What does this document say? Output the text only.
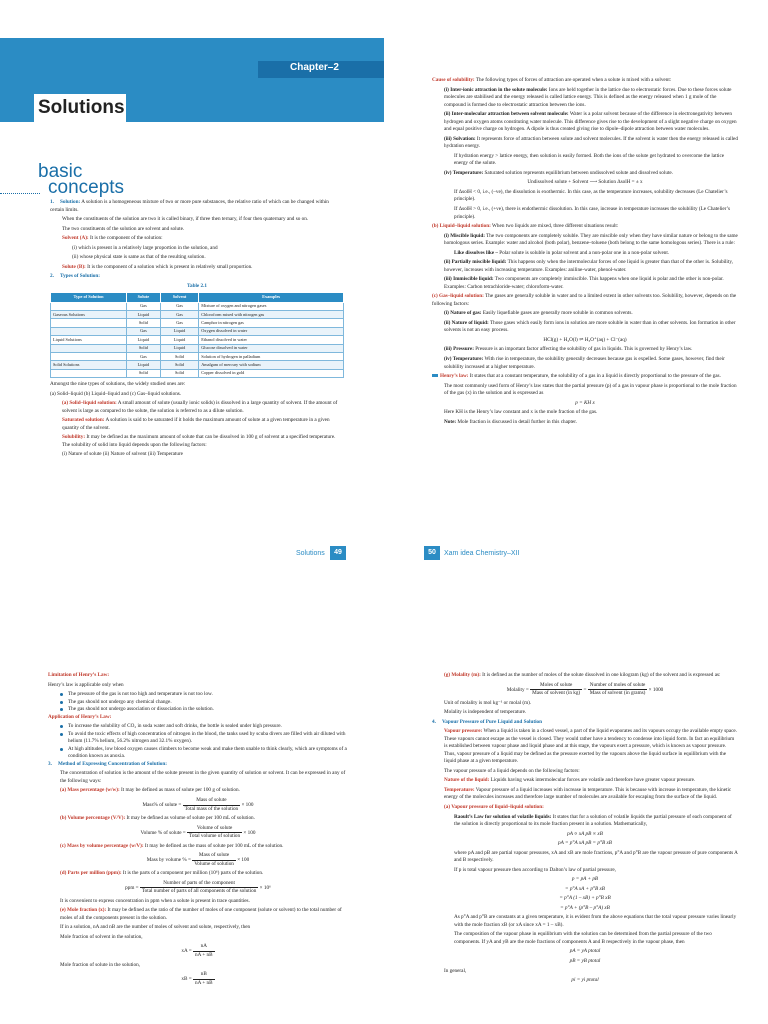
Chapter–2
Solutions
basic
concepts

1. Solution: A solution is a homogeneous mixture of two or more pure substances, the relative ratio of which can be changed within certain limits.

When the constituents of the solution are two it is called binary, if three then ternary, if four then quaternary and so on.

The two constituents of the solution are solvent and solute.

Solvent (A): It is the component of the solution:

(i) which is present in a relatively large proportion in the solution, and

(ii) whose physical state is same as that of the resulting solution.

Solute (B): It is the component of a solution which is present in relatively small proportion.

2. Types of Solution:

Table 2.1
Type of Solution	Solute	Solvent	Examples
	Gas	Gas	Mixture of oxygen and nitrogen gases
Gaseous Solutions	Liquid	Gas	Chloroform mixed with nitrogen gas
	Solid	Gas	Camphor in nitrogen gas
	Gas	Liquid	Oxygen dissolved in water
Liquid Solutions	Liquid	Liquid	Ethanol dissolved in water
	Solid	Liquid	Glucose dissolved in water
	Gas	Solid	Solution of hydrogen in palladium
Solid Solutions	Liquid	Solid	Amalgam of mercury with sodium
	Solid	Solid	Copper dissolved in gold

Amongst the nine types of solutions, the widely studied ones are:

(a) Solid–liquid (b) Liquid–liquid and (c) Gas–liquid solutions.

(a) Solid–liquid solution: A small amount of solute (usually ionic solids) is dissolved in a large quantity of solvent. If the amount of solvent is large as compared to the solute, the solution is referred to as a dilute solution.

Saturated solution: A solution is said to be saturated if it holds the maximum amount of solute at a given temperature in a given quantity of the solvent.

Solubility: It may be defined as the maximum amount of solute that can be dissolved in 100 g of solvent at a specified temperature. The solubility of solid into liquid depends upon the following factors:

(i) Nature of solute (ii) Nature of solvent (iii) Temperature

Solutions	49

Cause of solubility: The following types of forces of attraction are operated when a solute is mixed with a solvent:

(i) Inter-ionic attraction in the solute molecule: Ions are held together in the lattice due to electrostatic forces. Due to these forces solute molecules are stabilised and the energy released is called lattice energy. This is defined as the energy released when 1 g mole of the compound is formed due to electrostatic attraction between the ions.

(ii) Inter-molecular attraction between solvent molecule: Water is a polar solvent because of the difference in electronegativity between hydrogen and oxygen atoms constituting water molecule. This difference gives rise to the development of a slight negative charge on oxygen and equal positive charge on hydrogen. A dipole is thus created giving rise to dipole–dipole attraction between water molecules.

(iii) Solvation: It represents force of attraction between solute and solvent molecules. If the solvent is water then the energy released is called hydration energy.

If hydration energy > lattice energy, then solution is easily formed. Both the ions of the solute get hydrated to overcome the lattice energy of the solute.

(iv) Temperature: Saturated solution represents equilibrium between undissolved solute and dissolved solute.

Undissolved solute + Solvent ⟶ Solution ΔsolH = ± x

If ΔsolH < 0, i.e., (–ve), the dissolution is exothermic. In this case, as the temperature increases, solubility decreases (Le Chatelier’s principle).

If ΔsolH > 0, i.e., (+ve), there is endothermic dissolution. In this case, increase in temperature increases the solubility (Le Chatelier’s principle).

(b) Liquid–liquid solution: When two liquids are mixed, three different situations result:

(i) Miscible liquid: The two components are completely soluble. They are miscible only when they have similar nature or belong to the same homologous series. Example: water and alcohol (both polar), benzene–toluene (both belong to the same homologous series). There is a rule:

Like dissolves like – Polar solute is soluble in polar solvent and a non-polar one in a non-polar solvent.

(ii) Partially miscible liquid: This happens only when the intermolecular forces of one liquid is greater than that of the other is. Solubility, however, increases with increasing temperature. Examples: aniline-water, phenol-water.

(iii) Immiscible liquid: Two components are completely immiscible. This happens when one liquid is polar and the other is non-polar. Examples: Carbon tetrachloride-water; chloroform-water.

(c) Gas–liquid solution: The gases are generally soluble in water and to a limited extent in other solvents too. Solubility, however, depends on the following factors:

(i) Nature of gas: Easily liquefiable gases are generally more soluble in common solvents.

(ii) Nature of liquid: Those gases which easily form ions in solution are more soluble in water than in other solvents. Ion formation in other solvents is not an easy process.

HCl(g) + H₂O(l) ⇌ H₃O⁺(aq) + Cl⁻(aq)

(iii) Pressure: Pressure is an important factor affecting the solubility of gas in liquids. This is governed by Henry’s law.

(iv) Temperature: With rise in temperature, the solubility generally decreases because gas is expelled. Some gases, however, find their solubility increased at a higher temperature.

Henry’s law: It states that at a constant temperature, the solubility of a gas in a liquid is directly proportional to the pressure of the gas.

The most commonly used form of Henry’s law states that the partial pressure (p) of a gas in vapour phase is proportional to the mole fraction of the gas (x) in the solution and is expressed as

p = KH x

Here KH is the Henry’s law constant and x is the mole fraction of the gas.

Note: Mole fraction is discussed in detail further in this chapter.

50	Xam idea Chemistry–XII

Limitation of Henry’s Law:

Henry’s law is applicable only when

The pressure of the gas is not too high and temperature is not too low.
The gas should not undergo any chemical change.
The gas should not undergo association or dissociation in the solution.

Application of Henry’s Law:

To increase the solubility of CO₂ in soda water and soft drinks, the bottle is sealed under high pressure.
To avoid the toxic effects of high concentration of nitrogen in the blood, the tanks used by scuba divers are filled with air diluted with helium (11.7% helium, 56.2% nitrogen and 32.1% oxygen).
At high altitudes, low blood oxygen causes climbers to become weak and make them unable to think clearly, which are symptoms of a condition known as anoxia.

3. Method of Expressing Concentration of Solution:

The concentration of solution is the amount of the solute present in the given quantity of solution or solvent. It can be expressed in any of the following ways:

(a) Mass percentage (w/w): It may be defined as mass of solute per 100 g of solution.

Mass% of solute = $\frac{\text{Mass of solute}}{\text{Total mass of the solution}} \times 100$

(b) Volume percentage (V/V): It may be defined as volume of solute per 100 mL of solution.

Volume % of solute = $\frac{\text{Volume of solute}}{\text{Total volume of solution}} \times 100$

(c) Mass by volume percentage (w/V): It may be defined as the mass of solute per 100 mL of the solution.

Mass by volume % = $\frac{\text{Mass of solute}}{\text{Volume of solution}} \times 100$

(d) Parts per million (ppm): It is the parts of a component per million (10⁶) parts of the solution.

ppm = $\frac{\text{Number of parts of the component}}{\text{Total number of parts of all components of the solution}} \times 10^6$

It is convenient to express concentration in ppm when a solute is present in trace quantities.

(e) Mole fraction (x): It may be defined as the ratio of the number of moles of one component (solute or solvent) to the total number of moles of all the components present in the solution.

If in a solution, nA and nB are the number of moles of solvent and solute, respectively, then

Mole fraction of solvent in the solution,

xA = $\frac{nA}{nA + nB}$

Mole fraction of solute in the solution,

xB = $\frac{nB}{nA + nB}$

(g) Molality (m): It is defined as the number of moles of the solute dissolved in one kilogram (kg) of the solvent and is expressed as:

Molality = $\frac{\text{Moles of solute}}{\text{Mass of solvent (in kg)}} = \frac{\text{Number of moles of solute}}{\text{Mass of solvent (in grams)}} \times 1000$

Unit of molality is mol kg⁻¹ or molal (m).

Molality is independent of temperature.

4. Vapour Pressure of Pure Liquid and Solution

Vapour pressure: When a liquid is taken in a closed vessel, a part of the liquid evaporates and its vapours occupy the available empty space. These vapours cannot escape as the vessel is closed. They would rather have a tendency to condense into liquid form. In fact an equilibrium is established between vapour phase and liquid phase and at this stage, the vapours exert a pressure, which is known as vapour pressure. Thus, vapour pressure of a liquid may be defined as the pressure exerted by the vapours above the liquid surface in equilibrium with the liquid phase at a given temperature.

The vapour pressure of a liquid depends on the following factors:

Nature of the liquid: Liquids having weak intermolecular forces are volatile and therefore have greater vapour pressure.

Temperature: Vapour pressure of a liquid increases with increase in temperature. This is because with increase in temperature, the kinetic energy of the molecules increases and therefore large number of molecules are available for escaping from the surface of the liquid.

(a) Vapour pressure of liquid–liquid solution:

Raoult’s Law for solution of volatile liquids: It states that for a solution of volatile liquids the partial pressure of each component of the solution is directly proportional to its mole fraction present in a solution. Mathematically,

pA ∝ xA pB ∝ xB
pA = p°A xA pB = p°B xB

where pA and pB are partial vapour pressures, xA and xB are mole fractions, p°A and p°B are the vapour pressure of pure components A and B respectively.

If p is total vapour pressure then according to Dalton’s law of partial pressure,

p = pA + pB
= p°A xA + p°B xB
= p°A (1 – xB) + p°B xB
= p°A + (p°B – p°A) xB

As p°A and p°B are constants at a given temperature, it is evident from the above equations that the total vapour pressure varies linearly with the mole fraction xB (or xA since xA = 1 – xB).

The composition of the vapour phase in equilibrium with the solution can be determined from the partial pressure of the two components. If yA and yB are the mole fractions of components A and B respectively in the vapour phase, then

pA = yA ptotal
pB = yB ptotal

In general,

pi = yi ptotal
